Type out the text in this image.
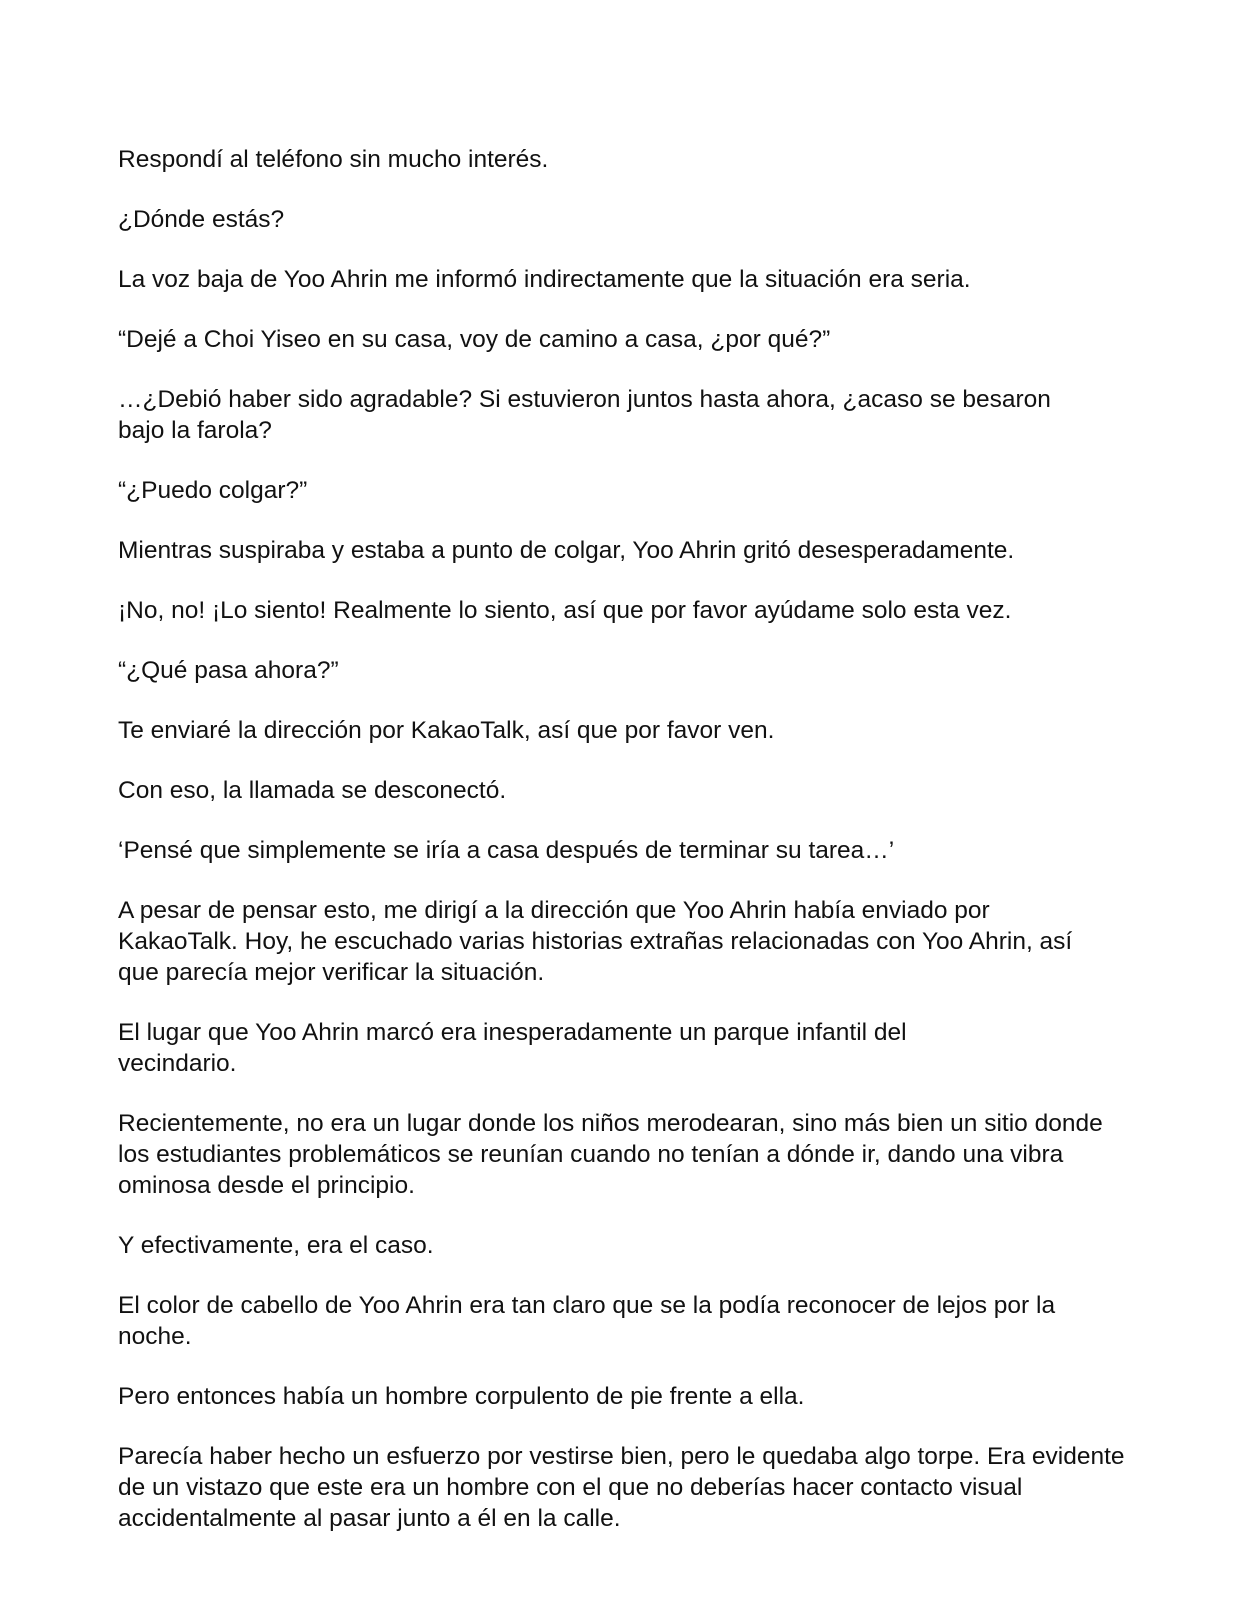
Respondí al teléfono sin mucho interés.

¿Dónde estás?

La voz baja de Yoo Ahrin me informó indirectamente que la situación era seria.

“Dejé a Choi Yiseo en su casa, voy de camino a casa, ¿por qué?”

…¿Debió haber sido agradable? Si estuvieron juntos hasta ahora, ¿acaso se besaron bajo la farola?

“¿Puedo colgar?”

Mientras suspiraba y estaba a punto de colgar, Yoo Ahrin gritó desesperadamente.

¡No, no! ¡Lo siento! Realmente lo siento, así que por favor ayúdame solo esta vez.

“¿Qué pasa ahora?”

Te enviaré la dirección por KakaoTalk, así que por favor ven.

Con eso, la llamada se desconectó.

‘Pensé que simplemente se iría a casa después de terminar su tarea…’

A pesar de pensar esto, me dirigí a la dirección que Yoo Ahrin había enviado por KakaoTalk. Hoy, he escuchado varias historias extrañas relacionadas con Yoo Ahrin, así que parecía mejor verificar la situación.

El lugar que Yoo Ahrin marcó era inesperadamente un parque infantil del vecindario.

Recientemente, no era un lugar donde los niños merodearan, sino más bien un sitio donde los estudiantes problemáticos se reunían cuando no tenían a dónde ir, dando una vibra ominosa desde el principio.

Y efectivamente, era el caso.

El color de cabello de Yoo Ahrin era tan claro que se la podía reconocer de lejos por la noche.

Pero entonces había un hombre corpulento de pie frente a ella.

Parecía haber hecho un esfuerzo por vestirse bien, pero le quedaba algo torpe. Era evidente de un vistazo que este era un hombre con el que no deberías hacer contacto visual accidentalmente al pasar junto a él en la calle.
